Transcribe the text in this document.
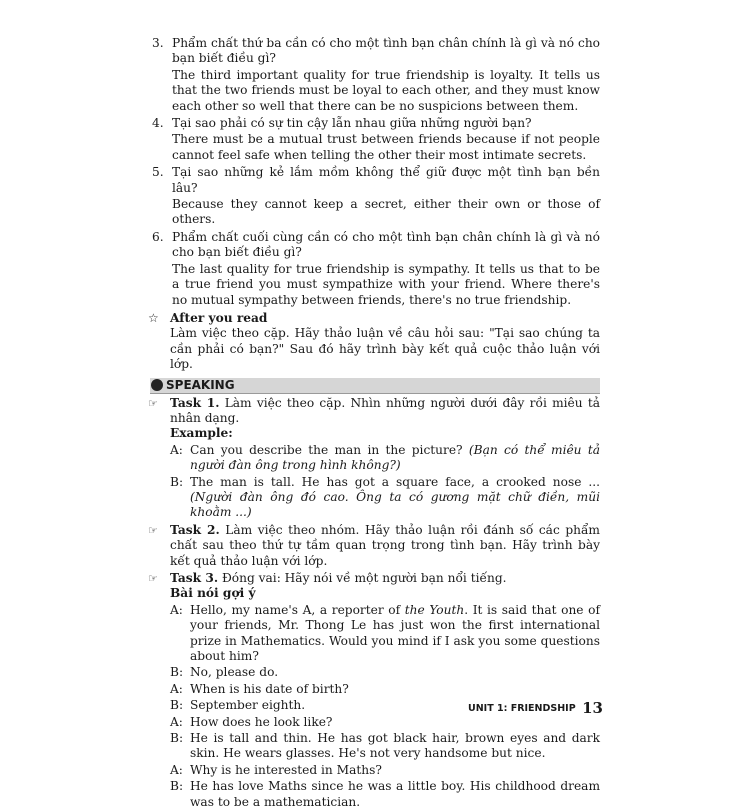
3. Phẩm chất thứ ba cần có cho một tình bạn chân chính là gì và nó cho bạn biết điều gì?
The third important quality for true friendship is loyalty. It tells us that the two friends must be loyal to each other, and they must know each other so well that there can be no suspicions between them.
4. Tại sao phải có sự tin cậy lẫn nhau giữa những người bạn?
There must be a mutual trust between friends because if not people cannot feel safe when telling the other their most intimate secrets.
5. Tại sao những kẻ lắm mồm không thể giữ được một tình bạn bền lâu?
Because they cannot keep a secret, either their own or those of others.
6. Phẩm chất cuối cùng cần có cho một tình bạn chân chính là gì và nó cho bạn biết điều gì?
The last quality for true friendship is sympathy. It tells us that to be a true friend you must sympathize with your friend. Where there's no mutual sympathy between friends, there's no true friendship.
☆ After you read
Làm việc theo cặp. Hãy thảo luận về câu hỏi sau: "Tại sao chúng ta cần phải có bạn?" Sau đó hãy trình bày kết quả cuộc thảo luận với lớp.
SPEAKING
☞ Task 1. Làm việc theo cặp. Nhìn những người dưới đây rồi miêu tả nhân dạng.
Example:
A: Can you describe the man in the picture? (Bạn có thể miêu tả người đàn ông trong hình không?)
B: The man is tall. He has got a square face, a crooked nose ... (Người đàn ông đó cao. Ông ta có gương mặt chữ điền, mũi khoằm ...)
☞ Task 2. Làm việc theo nhóm. Hãy thảo luận rồi đánh số các phẩm chất sau theo thứ tự tầm quan trọng trong tình bạn. Hãy trình bày kết quả thảo luận với lớp.
☞ Task 3. Đóng vai: Hãy nói về một người bạn nổi tiếng.
Bài nói gợi ý
A: Hello, my name's A, a reporter of the Youth. It is said that one of your friends, Mr. Thong Le has just won the first international prize in Mathematics. Would you mind if I ask you some questions about him?
B: No, please do.
A: When is his date of birth?
B: September eighth.
A: How does he look like?
B: He is tall and thin. He has got black hair, brown eyes and dark skin. He wears glasses. He's not very handsome but nice.
A: Why is he interested in Maths?
B: He has love Maths since he was a little boy. His childhood dream was to be a mathematician.
UNIT 1: FRIENDSHIP 13
